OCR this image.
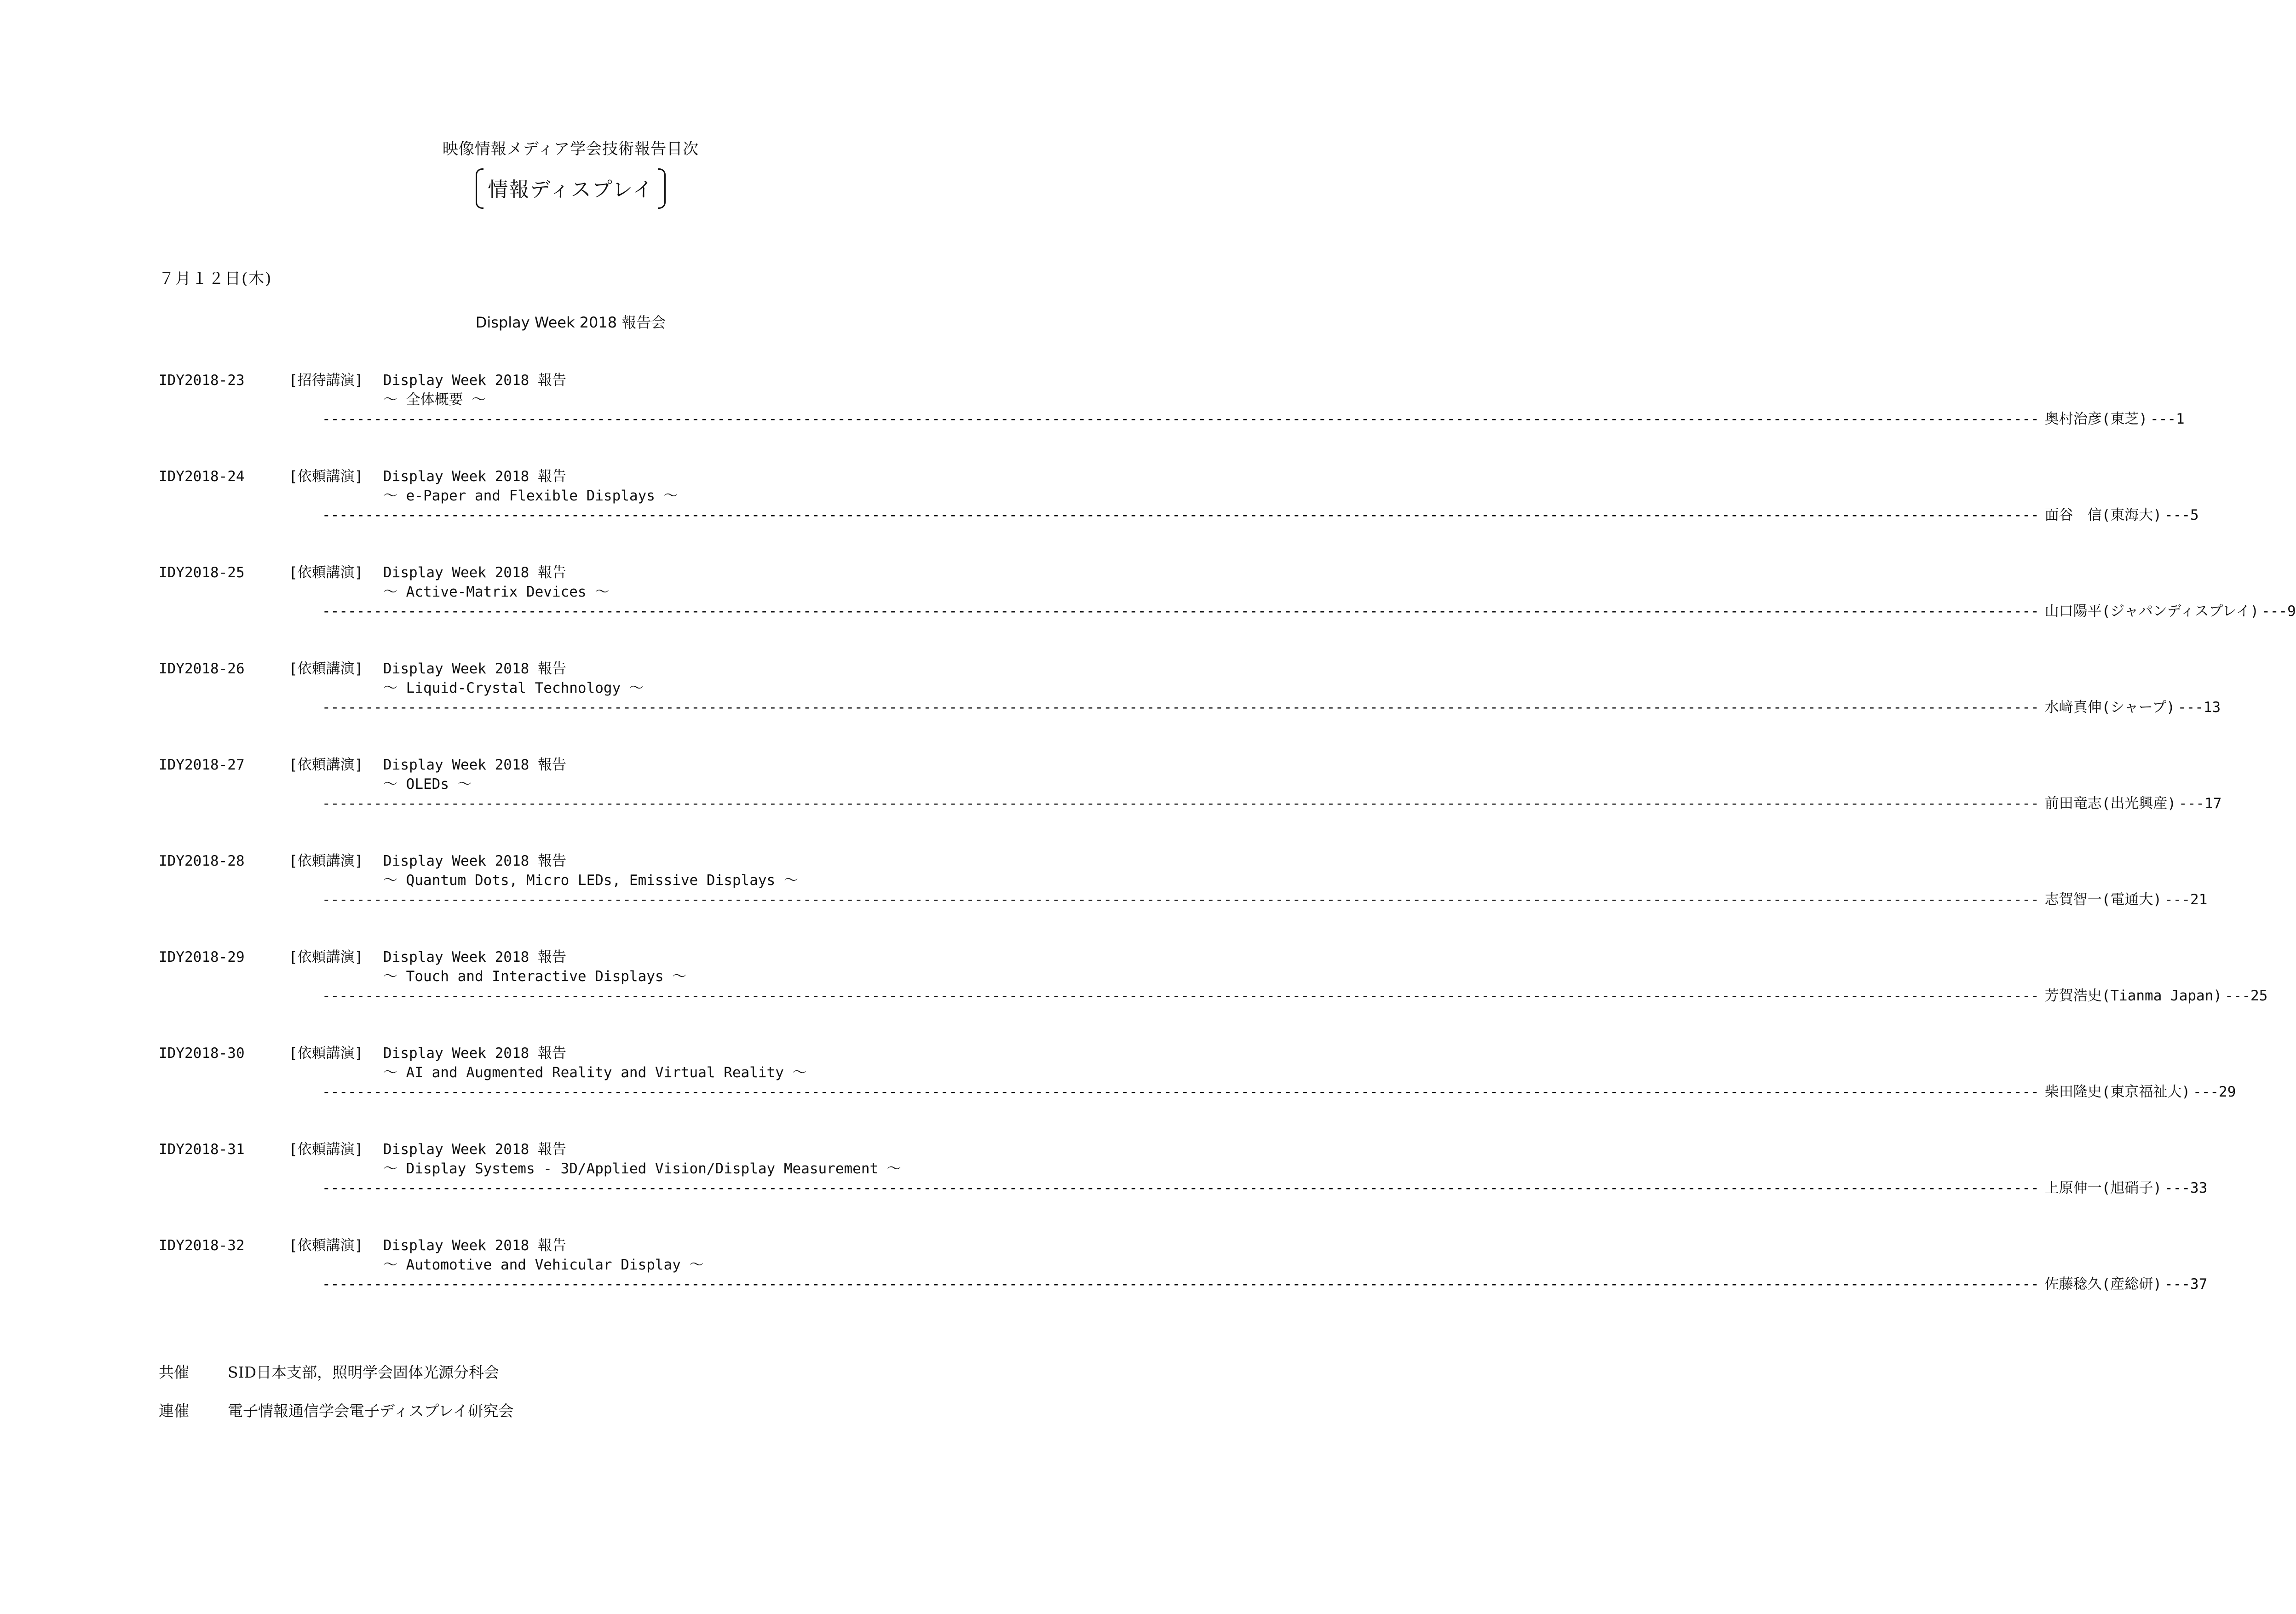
映像情報メディア学会技術報告目次
情報ディスプレイ
７月１２日(木)
Display Week 2018 報告会
IDY2018-23	[招待講演] Display Week 2018 報告
～ 全体概要 ～
-------------------------------------------------------------------------------------------------------------------------------------------------------------------------------------------------------- 奥村治彦(東芝) --- 1
IDY2018-24	[依頼講演] Display Week 2018 報告
～ e-Paper and Flexible Displays ～
-------------------------------------------------------------------------------------------------------------------------------------------------------------------------------------------------------- 面谷　信(東海大) --- 5
IDY2018-25	[依頼講演] Display Week 2018 報告
～ Active-Matrix Devices ～
-------------------------------------------------------------------------------------------------------------------------------------------------------------------------------------------------------- 山口陽平(ジャパンディスプレイ) --- 9
IDY2018-26	[依頼講演] Display Week 2018 報告
～ Liquid-Crystal Technology ～
-------------------------------------------------------------------------------------------------------------------------------------------------------------------------------------------------------- 水﨑真伸(シャープ) --- 13
IDY2018-27	[依頼講演] Display Week 2018 報告
～ OLEDs ～
-------------------------------------------------------------------------------------------------------------------------------------------------------------------------------------------------------- 前田竜志(出光興産) --- 17
IDY2018-28	[依頼講演] Display Week 2018 報告
～ Quantum Dots, Micro LEDs, Emissive Displays ～
-------------------------------------------------------------------------------------------------------------------------------------------------------------------------------------------------------- 志賀智一(電通大) --- 21
IDY2018-29	[依頼講演] Display Week 2018 報告
～ Touch and Interactive Displays ～
-------------------------------------------------------------------------------------------------------------------------------------------------------------------------------------------------------- 芳賀浩史(Tianma Japan) --- 25
IDY2018-30	[依頼講演] Display Week 2018 報告
～ AI and Augmented Reality and Virtual Reality ～
-------------------------------------------------------------------------------------------------------------------------------------------------------------------------------------------------------- 柴田隆史(東京福祉大) --- 29
IDY2018-31	[依頼講演] Display Week 2018 報告
～ Display Systems - 3D/Applied Vision/Display Measurement ～
-------------------------------------------------------------------------------------------------------------------------------------------------------------------------------------------------------- 上原伸一(旭硝子) --- 33
IDY2018-32	[依頼講演] Display Week 2018 報告
～ Automotive and Vehicular Display ～
-------------------------------------------------------------------------------------------------------------------------------------------------------------------------------------------------------- 佐藤稔久(産総研) --- 37
共催	SID日本支部，照明学会固体光源分科会
連催	電子情報通信学会電子ディスプレイ研究会
